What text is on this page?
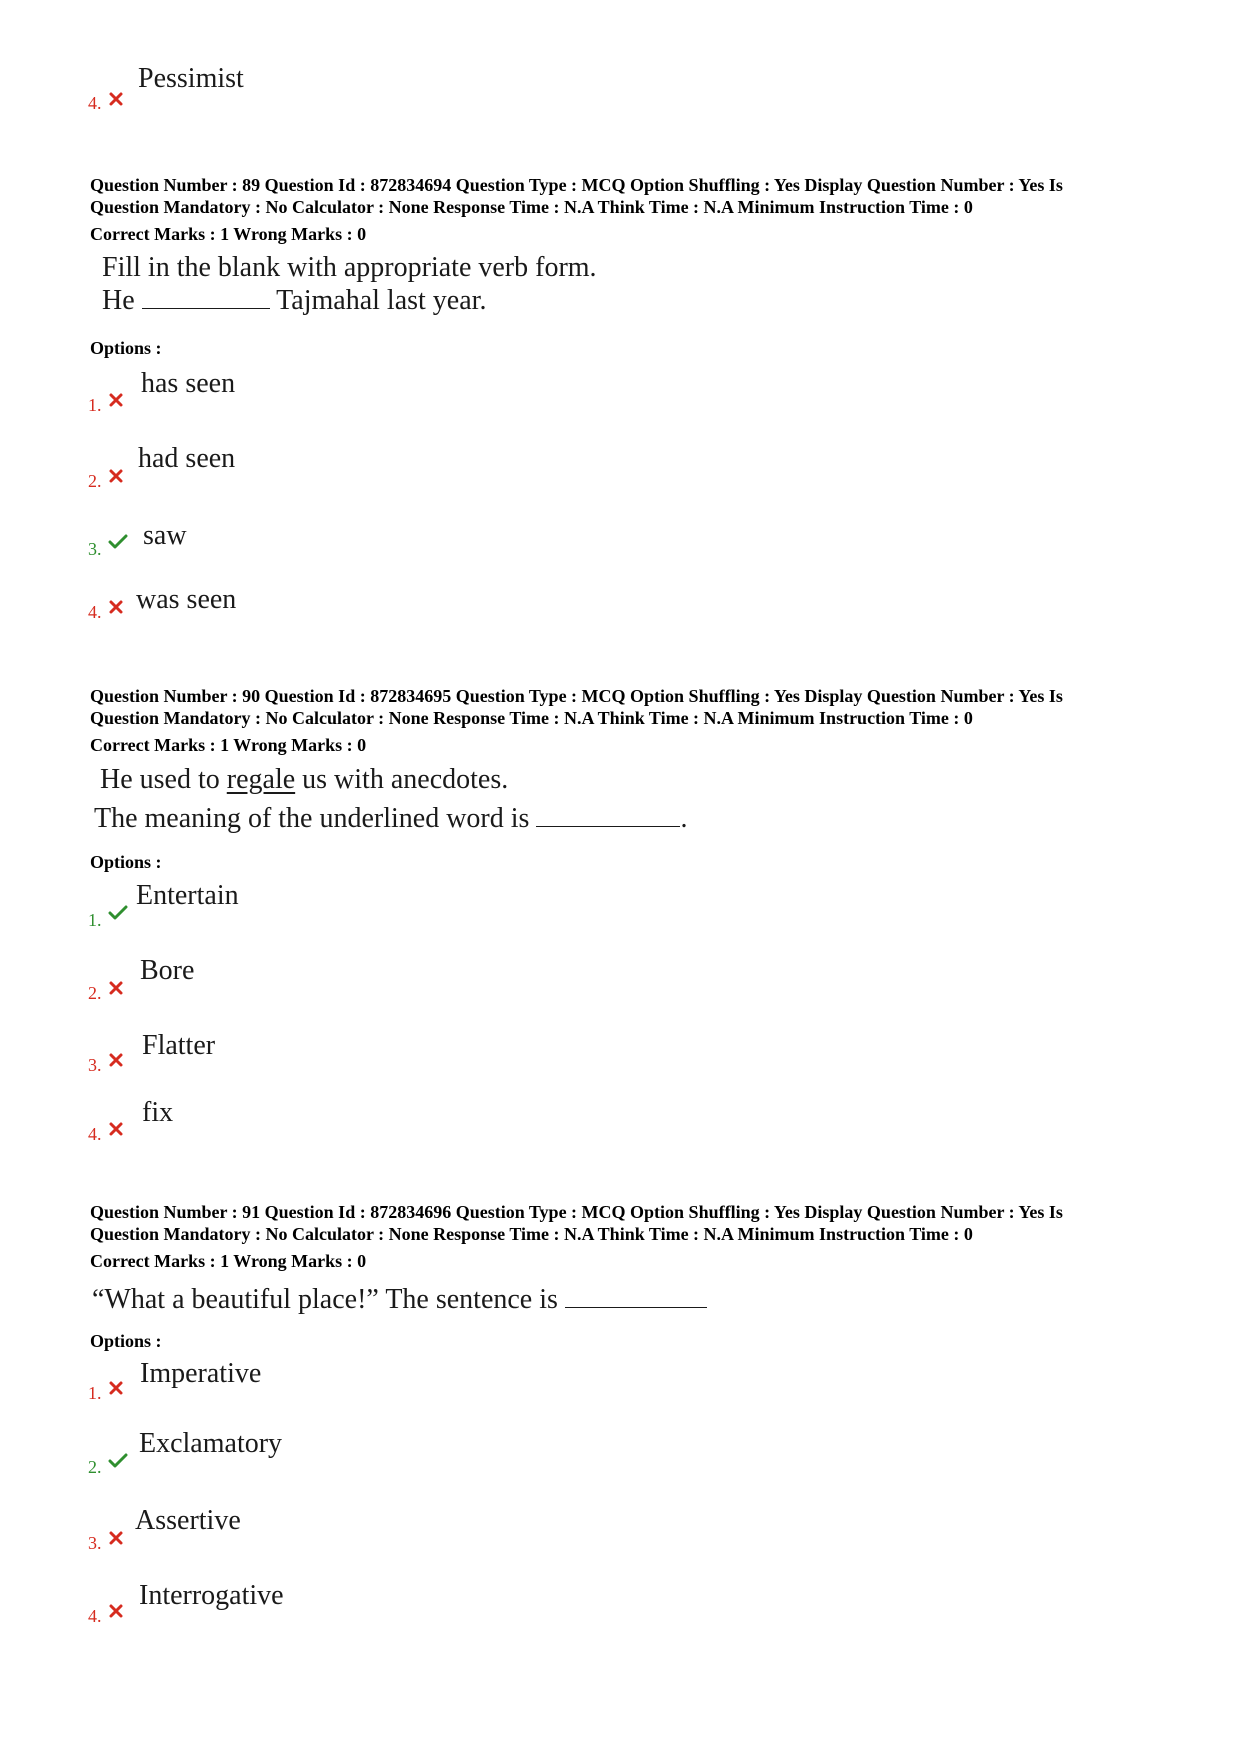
4.
Pessimist
Question Number : 89 Question Id : 872834694 Question Type : MCQ Option Shuffling : Yes Display Question Number : Yes Is
Question Mandatory : No Calculator : None Response Time : N.A Think Time : N.A Minimum Instruction Time : 0
Correct Marks : 1 Wrong Marks : 0
Fill in the blank with appropriate verb form.
He	Tajmahal last year.
Options :
1.
has seen
2.
had seen
3. saw
4. was seen
Question Number : 90 Question Id : 872834695 Question Type : MCQ Option Shuffling : Yes Display Question Number : Yes Is
Question Mandatory : No Calculator : None Response Time : N.A Think Time : N.A Minimum Instruction Time : 0
Correct Marks : 1 Wrong Marks : 0
He used to regale us with anecdotes.
The meaning of the underlined word is	.
Options :
1.
Entertain
2.
Bore
3.
Flatter
4.
fix
Question Number : 91 Question Id : 872834696 Question Type : MCQ Option Shuffling : Yes Display Question Number : Yes Is
Question Mandatory : No Calculator : None Response Time : N.A Think Time : N.A Minimum Instruction Time : 0
Correct Marks : 1 Wrong Marks : 0
“What a beautiful place!” The sentence is
Options :
1.
Imperative
2.
Exclamatory
3.
Assertive
4.
Interrogative
